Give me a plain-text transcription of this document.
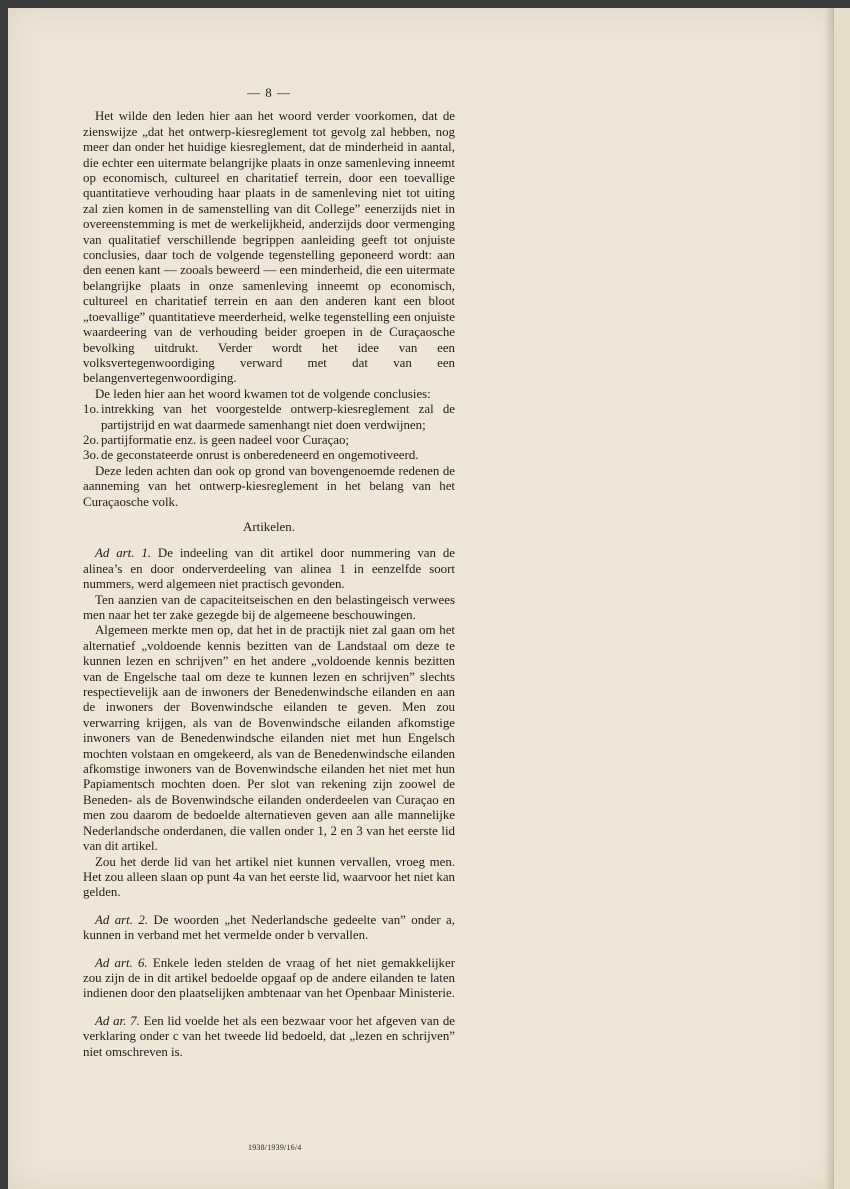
— 8 —

Het wilde den leden hier aan het woord verder voorkomen, dat de zienswijze „dat het ontwerp-kiesreglement tot gevolg zal hebben, nog meer dan onder het huidige kiesreglement, dat de minderheid in aantal, die echter een uitermate belangrijke plaats in onze samenleving inneemt op economisch, cultureel en charitatief terrein, door een toevallige quantitatieve verhouding haar plaats in de samenleving niet tot uiting zal zien komen in de samenstelling van dit College” eenerzijds niet in overeenstemming is met de werkelijkheid, anderzijds door vermenging van qualitatief verschillende begrippen aanleiding geeft tot onjuiste conclusies, daar toch de volgende tegenstelling geponeerd wordt: aan den eenen kant — zooals beweerd — een minderheid, die een uitermate belangrijke plaats in onze samenleving inneemt op economisch, cultureel en charitatief terrein en aan den anderen kant een bloot „toevallige” quantitatieve meerderheid, welke tegenstelling een onjuiste waardeering van de verhouding beider groepen in de Curaçaosche bevolking uitdrukt. Verder wordt het idee van een volksvertegenwoordiging verward met dat van een belangenvertegenwoordiging.

De leden hier aan het woord kwamen tot de volgende conclusies:

1o. intrekking van het voorgestelde ontwerp-kiesreglement zal de partijstrijd en wat daarmede samenhangt niet doen verdwijnen;
2o. partijformatie enz. is geen nadeel voor Curaçao;
3o. de geconstateerde onrust is onberedeneerd en ongemotiveerd.

Deze leden achten dan ook op grond van bovengenoemde redenen de aanneming van het ontwerp-kiesreglement in het belang van het Curaçaosche volk.

Artikelen.

Ad art. 1. De indeeling van dit artikel door nummering van de alinea’s en door onderverdeeling van alinea 1 in eenzelfde soort nummers, werd algemeen niet practisch gevonden.

Ten aanzien van de capaciteitseischen en den belastingeisch verwees men naar het ter zake gezegde bij de algemeene beschouwingen.

Algemeen merkte men op, dat het in de practijk niet zal gaan om het alternatief „voldoende kennis bezitten van de Landstaal om deze te kunnen lezen en schrijven” en het andere „voldoende kennis bezitten van de Engelsche taal om deze te kunnen lezen en schrijven” slechts respectievelijk aan de inwoners der Benedenwindsche eilanden en aan de inwoners der Bovenwindsche eilanden te geven. Men zou verwarring krijgen, als van de Bovenwindsche eilanden afkomstige inwoners van de Benedenwindsche eilanden niet met hun Engelsch mochten volstaan en omgekeerd, als van de Benedenwindsche eilanden afkomstige inwoners van de Bovenwindsche eilanden het niet met hun Papiamentsch mochten doen. Per slot van rekening zijn zoowel de Beneden- als de Bovenwindsche eilanden onderdeelen van Curaçao en men zou daarom de bedoelde alternatieven geven aan alle mannelijke Nederlandsche onderdanen, die vallen onder 1, 2 en 3 van het eerste lid van dit artikel.

Zou het derde lid van het artikel niet kunnen vervallen, vroeg men. Het zou alleen slaan op punt 4a van het eerste lid, waarvoor het niet kan gelden.

Ad art. 2. De woorden „het Nederlandsche gedeelte van” onder a, kunnen in verband met het vermelde onder b vervallen.

Ad art. 6. Enkele leden stelden de vraag of het niet gemakkelijker zou zijn de in dit artikel bedoelde opgaaf op de andere eilanden te laten indienen door den plaatselijken ambtenaar van het Openbaar Ministerie.

Ad ar. 7. Een lid voelde het als een bezwaar voor het afgeven van de verklaring onder c van het tweede lid bedoeld, dat „lezen en schrijven” niet omschreven is.

1938/1939/16/4
